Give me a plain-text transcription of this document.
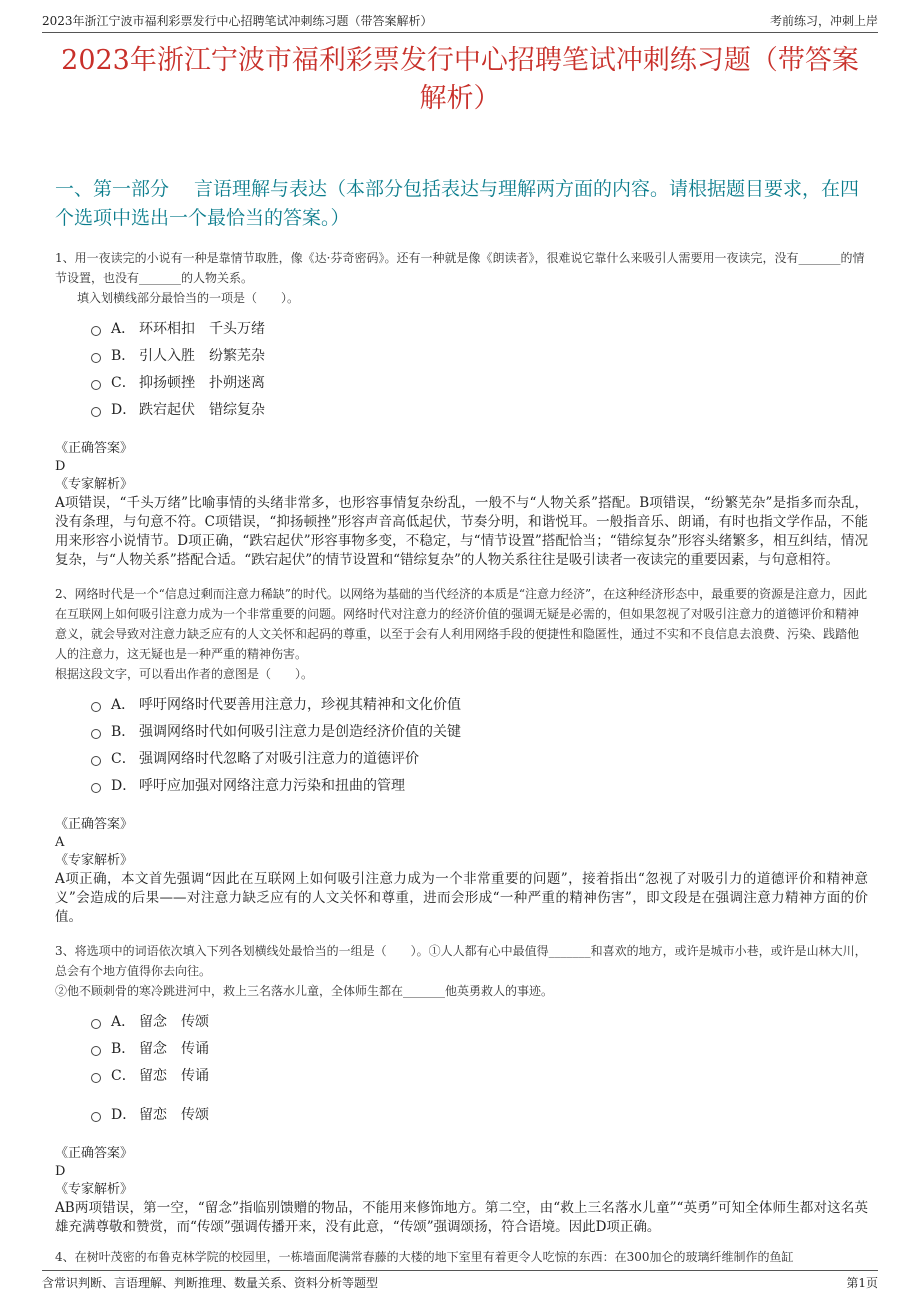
2023年浙江宁波市福利彩票发行中心招聘笔试冲刺练习题（带答案解析）	考前练习，冲刺上岸
2023年浙江宁波市福利彩票发行中心招聘笔试冲刺练习题（带答案解析）
一、第一部分　 言语理解与表达（本部分包括表达与理解两方面的内容。请根据题目要求，在四个选项中选出一个最恰当的答案。）

1、用一夜读完的小说有一种是靠情节取胜，像《达·芬奇密码》。还有一种就是像《朗读者》，很难说它靠什么来吸引人需要用一夜读完，没有_______的情节设置，也没有_______的人物关系。

填入划横线部分最恰当的一项是（　　）。
A． 环环相扣　千头万绪
B． 引人入胜　纷繁芜杂
C． 抑扬顿挫　扑朔迷离
D． 跌宕起伏　错综复杂
《正确答案》
D
《专家解析》
A项错误，“千头万绪”比喻事情的头绪非常多，也形容事情复杂纷乱，一般不与“人物关系”搭配。B项错误，“纷繁芜杂”是指多而杂乱，没有条理，与句意不符。C项错误，“抑扬顿挫”形容声音高低起伏，节奏分明，和谐悦耳。一般指音乐、朗诵，有时也指文学作品，不能用来形容小说情节。D项正确，“跌宕起伏”形容事物多变，不稳定，与“情节设置”搭配恰当；“错综复杂”形容头绪繁多，相互纠结，情况复杂，与“人物关系”搭配合适。“跌宕起伏”的情节设置和“错综复杂”的人物关系往往是吸引读者一夜读完的重要因素，与句意相符。

2、网络时代是一个“信息过剩而注意力稀缺”的时代。以网络为基础的当代经济的本质是“注意力经济”，在这种经济形态中，最重要的资源是注意力，因此在互联网上如何吸引注意力成为一个非常重要的问题。网络时代对注意力的经济价值的强调无疑是必需的，但如果忽视了对吸引注意力的道德评价和精神意义，就会导致对注意力缺乏应有的人文关怀和起码的尊重，以至于会有人利用网络手段的便捷性和隐匿性，通过不实和不良信息去浪费、污染、践踏他人的注意力，这无疑也是一种严重的精神伤害。

根据这段文字，可以看出作者的意图是（　　）。
A． 呼吁网络时代要善用注意力，珍视其精神和文化价值
B． 强调网络时代如何吸引注意力是创造经济价值的关键
C． 强调网络时代忽略了对吸引注意力的道德评价
D． 呼吁应加强对网络注意力污染和扭曲的管理
《正确答案》
A
《专家解析》
A项正确，本文首先强调“因此在互联网上如何吸引注意力成为一个非常重要的问题”，接着指出“忽视了对吸引力的道德评价和精神意义”会造成的后果——对注意力缺乏应有的人文关怀和尊重，进而会形成“一种严重的精神伤害”，即文段是在强调注意力精神方面的价值。

3、将选项中的词语依次填入下列各划横线处最恰当的一组是（　　）。①人人都有心中最值得_______和喜欢的地方，或许是城市小巷，或许是山林大川，总会有个地方值得你去向往。

②他不顾刺骨的寒冷跳进河中，救上三名落水儿童，全体师生都在_______他英勇救人的事迹。
A． 留念　传颂
B． 留念　传诵
C． 留恋　传诵
D． 留恋　传颂
《正确答案》
D
《专家解析》
AB两项错误，第一空，“留念”指临别馈赠的物品，不能用来修饰地方。第二空，由“救上三名落水儿童”“英勇”可知全体师生都对这名英雄充满尊敬和赞赏，而“传颂”强调传播开来，没有此意，“传颂”强调颂扬，符合语境。因此D项正确。

4、在树叶茂密的布鲁克林学院的校园里，一栋墙面爬满常春藤的大楼的地下室里有着更令人吃惊的东西：在300加仑的玻璃纤维制作的鱼缸

含常识判断、言语理解、判断推理、数量关系、资料分析等题型	第1页
